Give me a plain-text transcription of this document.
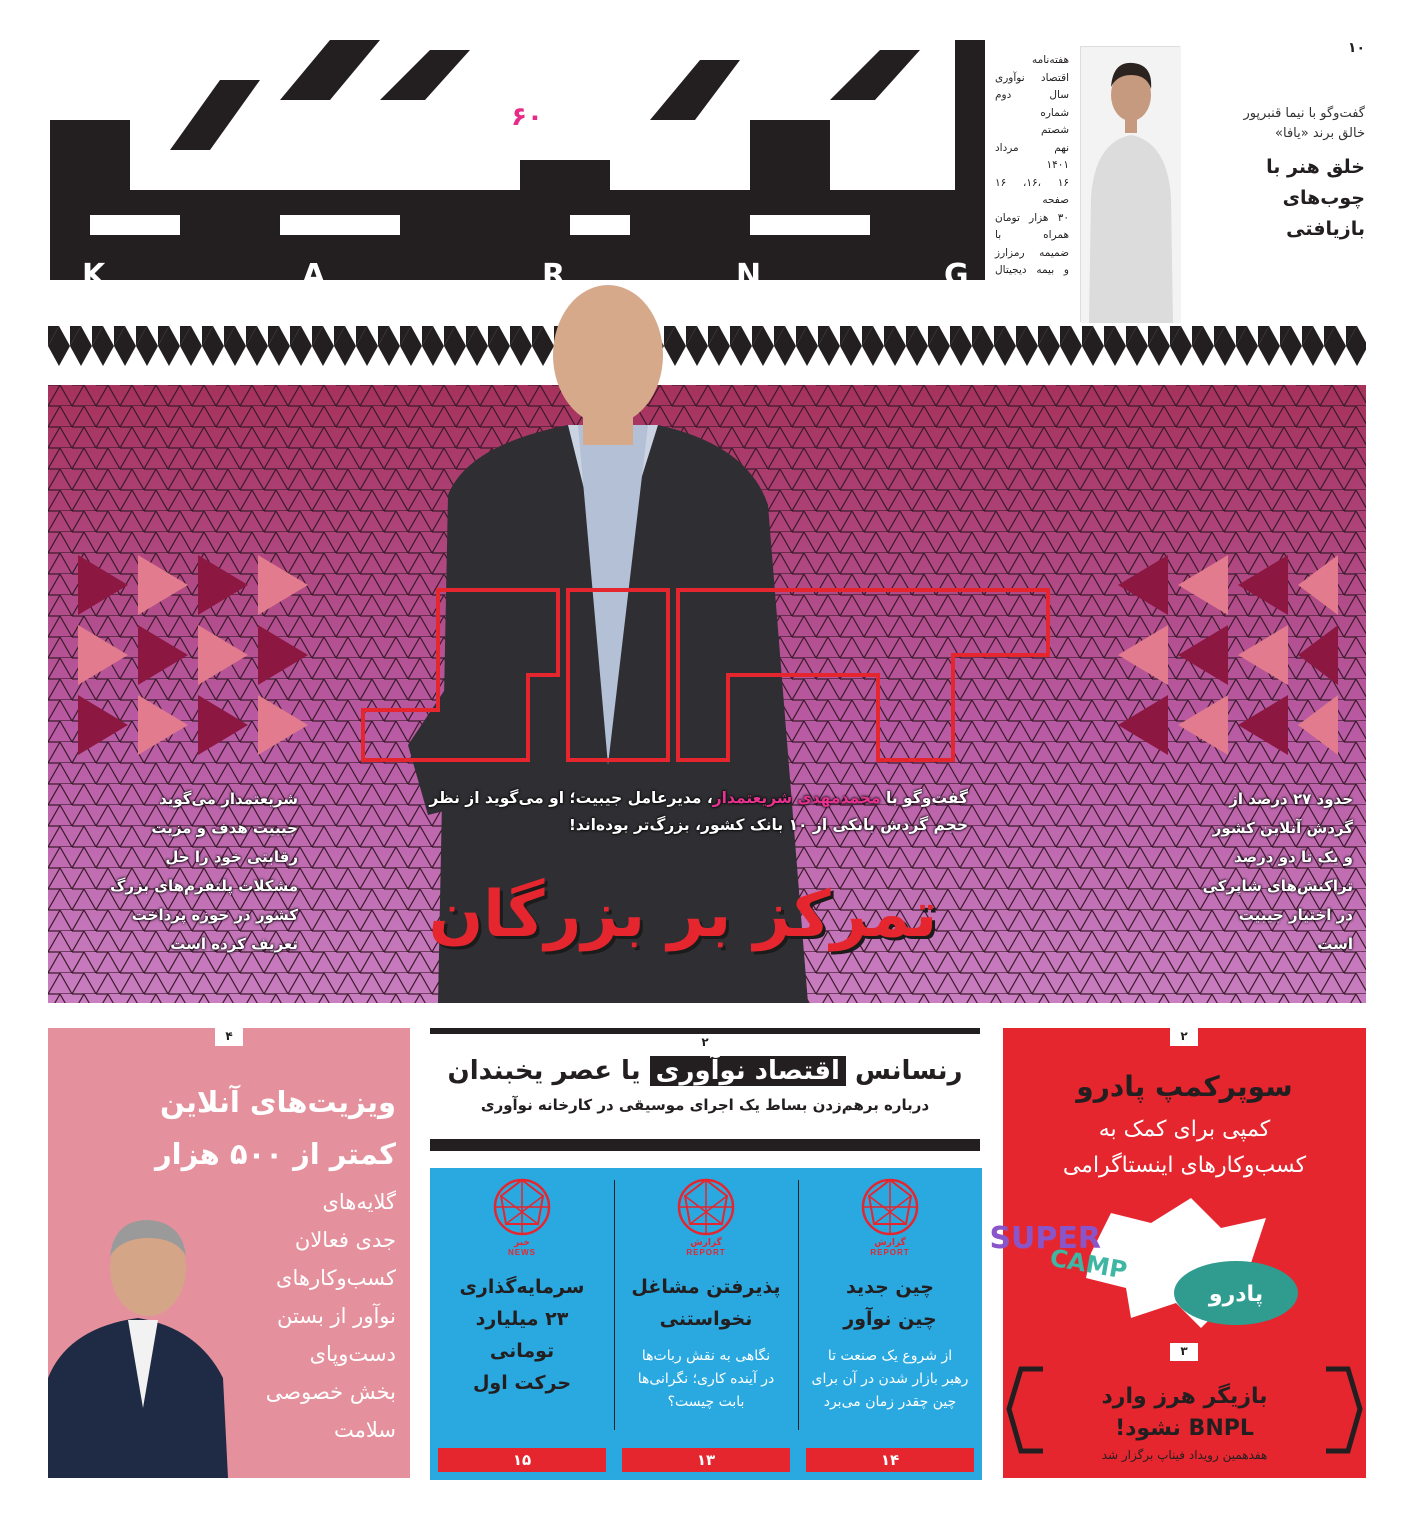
K	A	R	N	G
۶۰
هفته‌نامه
اقتصاد نوآوری
سال دوم
شماره
شصتم
نهم مرداد
۱۴۰۱
۱۶ ،۱۶، ۱۶
صفحه
۳۰ هزار تومان
همراه با
ضمیمه رمزارز
و بیمه دیجیتال
۱۰
گفت‌وگو با نیما قنبرپور
خالق برند «یافا»
خلق هنر با
چوب‌های
بازیافتی
گفت‌وگو با محمدمهدی شریعتمدار، مدیرعامل جیبیت؛ او می‌گوید از نظر حجم گردش بانکی از ۱۰ بانک کشور، بزرگ‌تر بوده‌اند!
تمرکز بر بزرگان
شریعتمدار می‌گوید
جیبیت هدف و مزیت
رقابتی خود را حل
مشکلات پلتفرم‌های بزرگ
کشور در حوزه پرداخت
تعریف کرده است
حدود ۲۷ درصد از
گردش آنلاین کشور
و یک تا دو درصد
تراکنش‌های شاپرکی
در اختیار جیبیت
است
۴
ویزیت‌های آنلاین
کمتر از ۵۰۰ هزار
گلایه‌های
جدی فعالان
کسب‌وکارهای
نوآور از بستن
دست‌وپای
بخش خصوصی
سلامت
۲
رنسانس اقتصاد نوآوری یا عصر یخبندان
درباره برهم‌زدن بساط یک اجرای موسیقی در کارخانه نوآوری
خبر
NEWS
سرمایه‌گذاری
۲۳ میلیارد
تومانی
حرکت اول
۱۵
گزارش
REPORT
پذیرفتن مشاغل
نخواستنی
نگاهی به نقش ربات‌ها
در آینده کاری؛ نگرانی‌ها
بابت چیست؟
۱۳
گزارش
REPORT
چین جدید
چین نوآور
از شروع یک صنعت تا
رهبر بازار شدن در آن برای
چین چقدر زمان می‌برد
۱۴
۲
سوپرکمپ پادرو
کمپی برای کمک به
کسب‌وکارهای اینستاگرامی
SUPER
CAMP
پادرو
۳
بازیگر هرز وارد
BNPL نشود!
هفدهمین رویداد فیناپ برگزار شد
